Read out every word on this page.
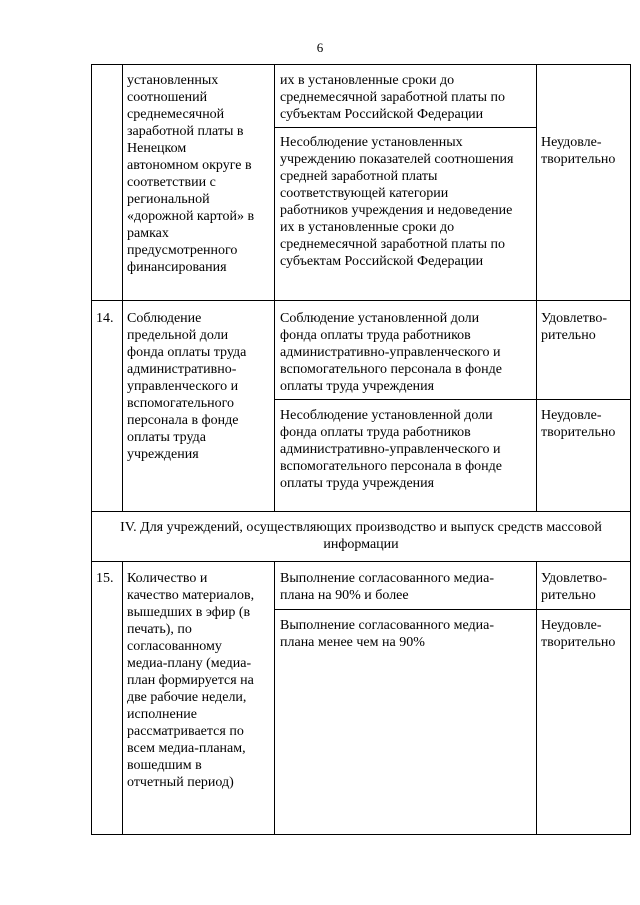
6
установленных
соотношений
среднемесячной
заработной платы в
Ненецком
автономном округе в
соответствии с
региональной
«дорожной картой» в
рамках
предусмотренного
финансирования
их в установленные сроки до
среднемесячной заработной платы по
субъектам Российской Федерации
Несоблюдение установленных
учреждению показателей соотношения
средней заработной платы
соответствующей категории
работников учреждения и недоведение
их в установленные сроки до
среднемесячной заработной платы по
субъектам Российской Федерации
Неудовле-
творительно
14. Соблюдение
предельной доли
фонда оплаты труда
административно-
управленческого и
вспомогательного
персонала в фонде
оплаты труда
учреждения
Соблюдение установленной доли
фонда оплаты труда работников
административно-управленческого и
вспомогательного персонала в фонде
оплаты труда учреждения
Удовлетво-
рительно
Несоблюдение установленной доли
фонда оплаты труда работников
административно-управленческого и
вспомогательного персонала в фонде
оплаты труда учреждения
Неудовле-
творительно
IV. Для учреждений, осуществляющих производство и выпуск средств массовой
информации
15. Количество и
качество материалов,
вышедших в эфир (в
печать), по
согласованному
медиа-плану (медиа-
план формируется на
две рабочие недели,
исполнение
рассматривается по
всем медиа-планам,
вошедшим в
отчетный период)
Выполнение согласованного медиа-
плана на 90% и более
Удовлетво-
рительно
Выполнение согласованного медиа-
плана менее чем на 90%
Неудовле-
творительно
